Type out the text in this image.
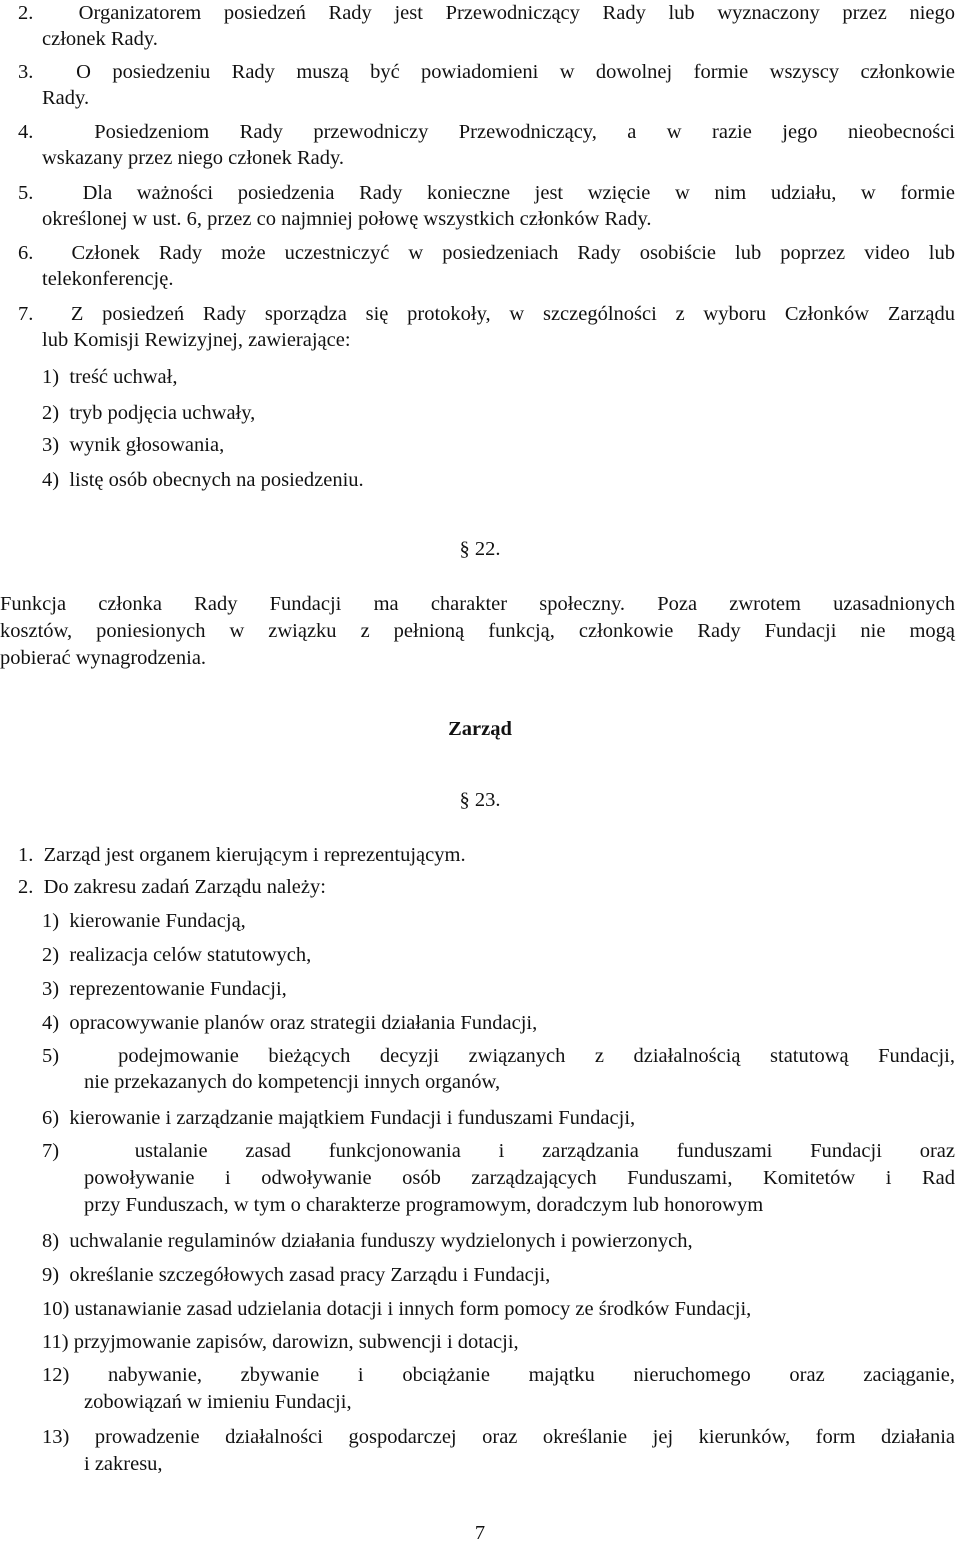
2.  Organizatorem posiedzeń Rady jest Przewodniczący Rady lub wyznaczony przez niego
członek Rady.
3.  O posiedzeniu Rady muszą być powiadomieni w dowolnej formie wszyscy członkowie
Rady.
4.  Posiedzeniom Rady przewodniczy Przewodniczący, a w razie jego nieobecności
wskazany przez niego członek Rady.
5.  Dla ważności posiedzenia Rady konieczne jest wzięcie w nim udziału, w formie
określonej w ust. 6, przez co najmniej połowę wszystkich członków Rady.
6.  Członek Rady może uczestniczyć w posiedzeniach Rady osobiście lub poprzez video lub
telekonferencję.
7.  Z posiedzeń Rady sporządza się protokoły, w szczególności z wyboru Członków Zarządu
lub Komisji Rewizyjnej, zawierające:
1)  treść uchwał,
2)  tryb podjęcia uchwały,
3)  wynik głosowania,
4)  listę osób obecnych na posiedzeniu.
§ 22.
Funkcja członka Rady Fundacji ma charakter społeczny. Poza zwrotem uzasadnionych
kosztów, poniesionych w związku z pełnioną funkcją, członkowie Rady Fundacji nie mogą
pobierać wynagrodzenia.
Zarząd
§ 23.
1.  Zarząd jest organem kierującym i reprezentującym.
2.  Do zakresu zadań Zarządu należy:
1)  kierowanie Fundacją,
2)  realizacja celów statutowych,
3)  reprezentowanie Fundacji,
4)  opracowywanie planów oraz strategii działania Fundacji,
5)  podejmowanie bieżących decyzji związanych z działalnością statutową Fundacji,
nie przekazanych do kompetencji innych organów,
6)  kierowanie i zarządzanie majątkiem Fundacji i funduszami Fundacji,
7)  ustalanie zasad funkcjonowania i zarządzania funduszami Fundacji oraz
powoływanie i odwoływanie osób zarządzających Funduszami, Komitetów i Rad
przy Funduszach, w tym o charakterze programowym, doradczym lub honorowym
8)  uchwalanie regulaminów działania funduszy wydzielonych i powierzonych,
9)  określanie szczegółowych zasad pracy Zarządu i Fundacji,
10) ustanawianie zasad udzielania dotacji i innych form pomocy ze środków Fundacji,
11) przyjmowanie zapisów, darowizn, subwencji i dotacji,
12) nabywanie, zbywanie i obciążanie majątku nieruchomego oraz zaciąganie,
zobowiązań w imieniu Fundacji,
13) prowadzenie działalności gospodarczej oraz określanie jej kierunków, form działania
i zakresu,
7
